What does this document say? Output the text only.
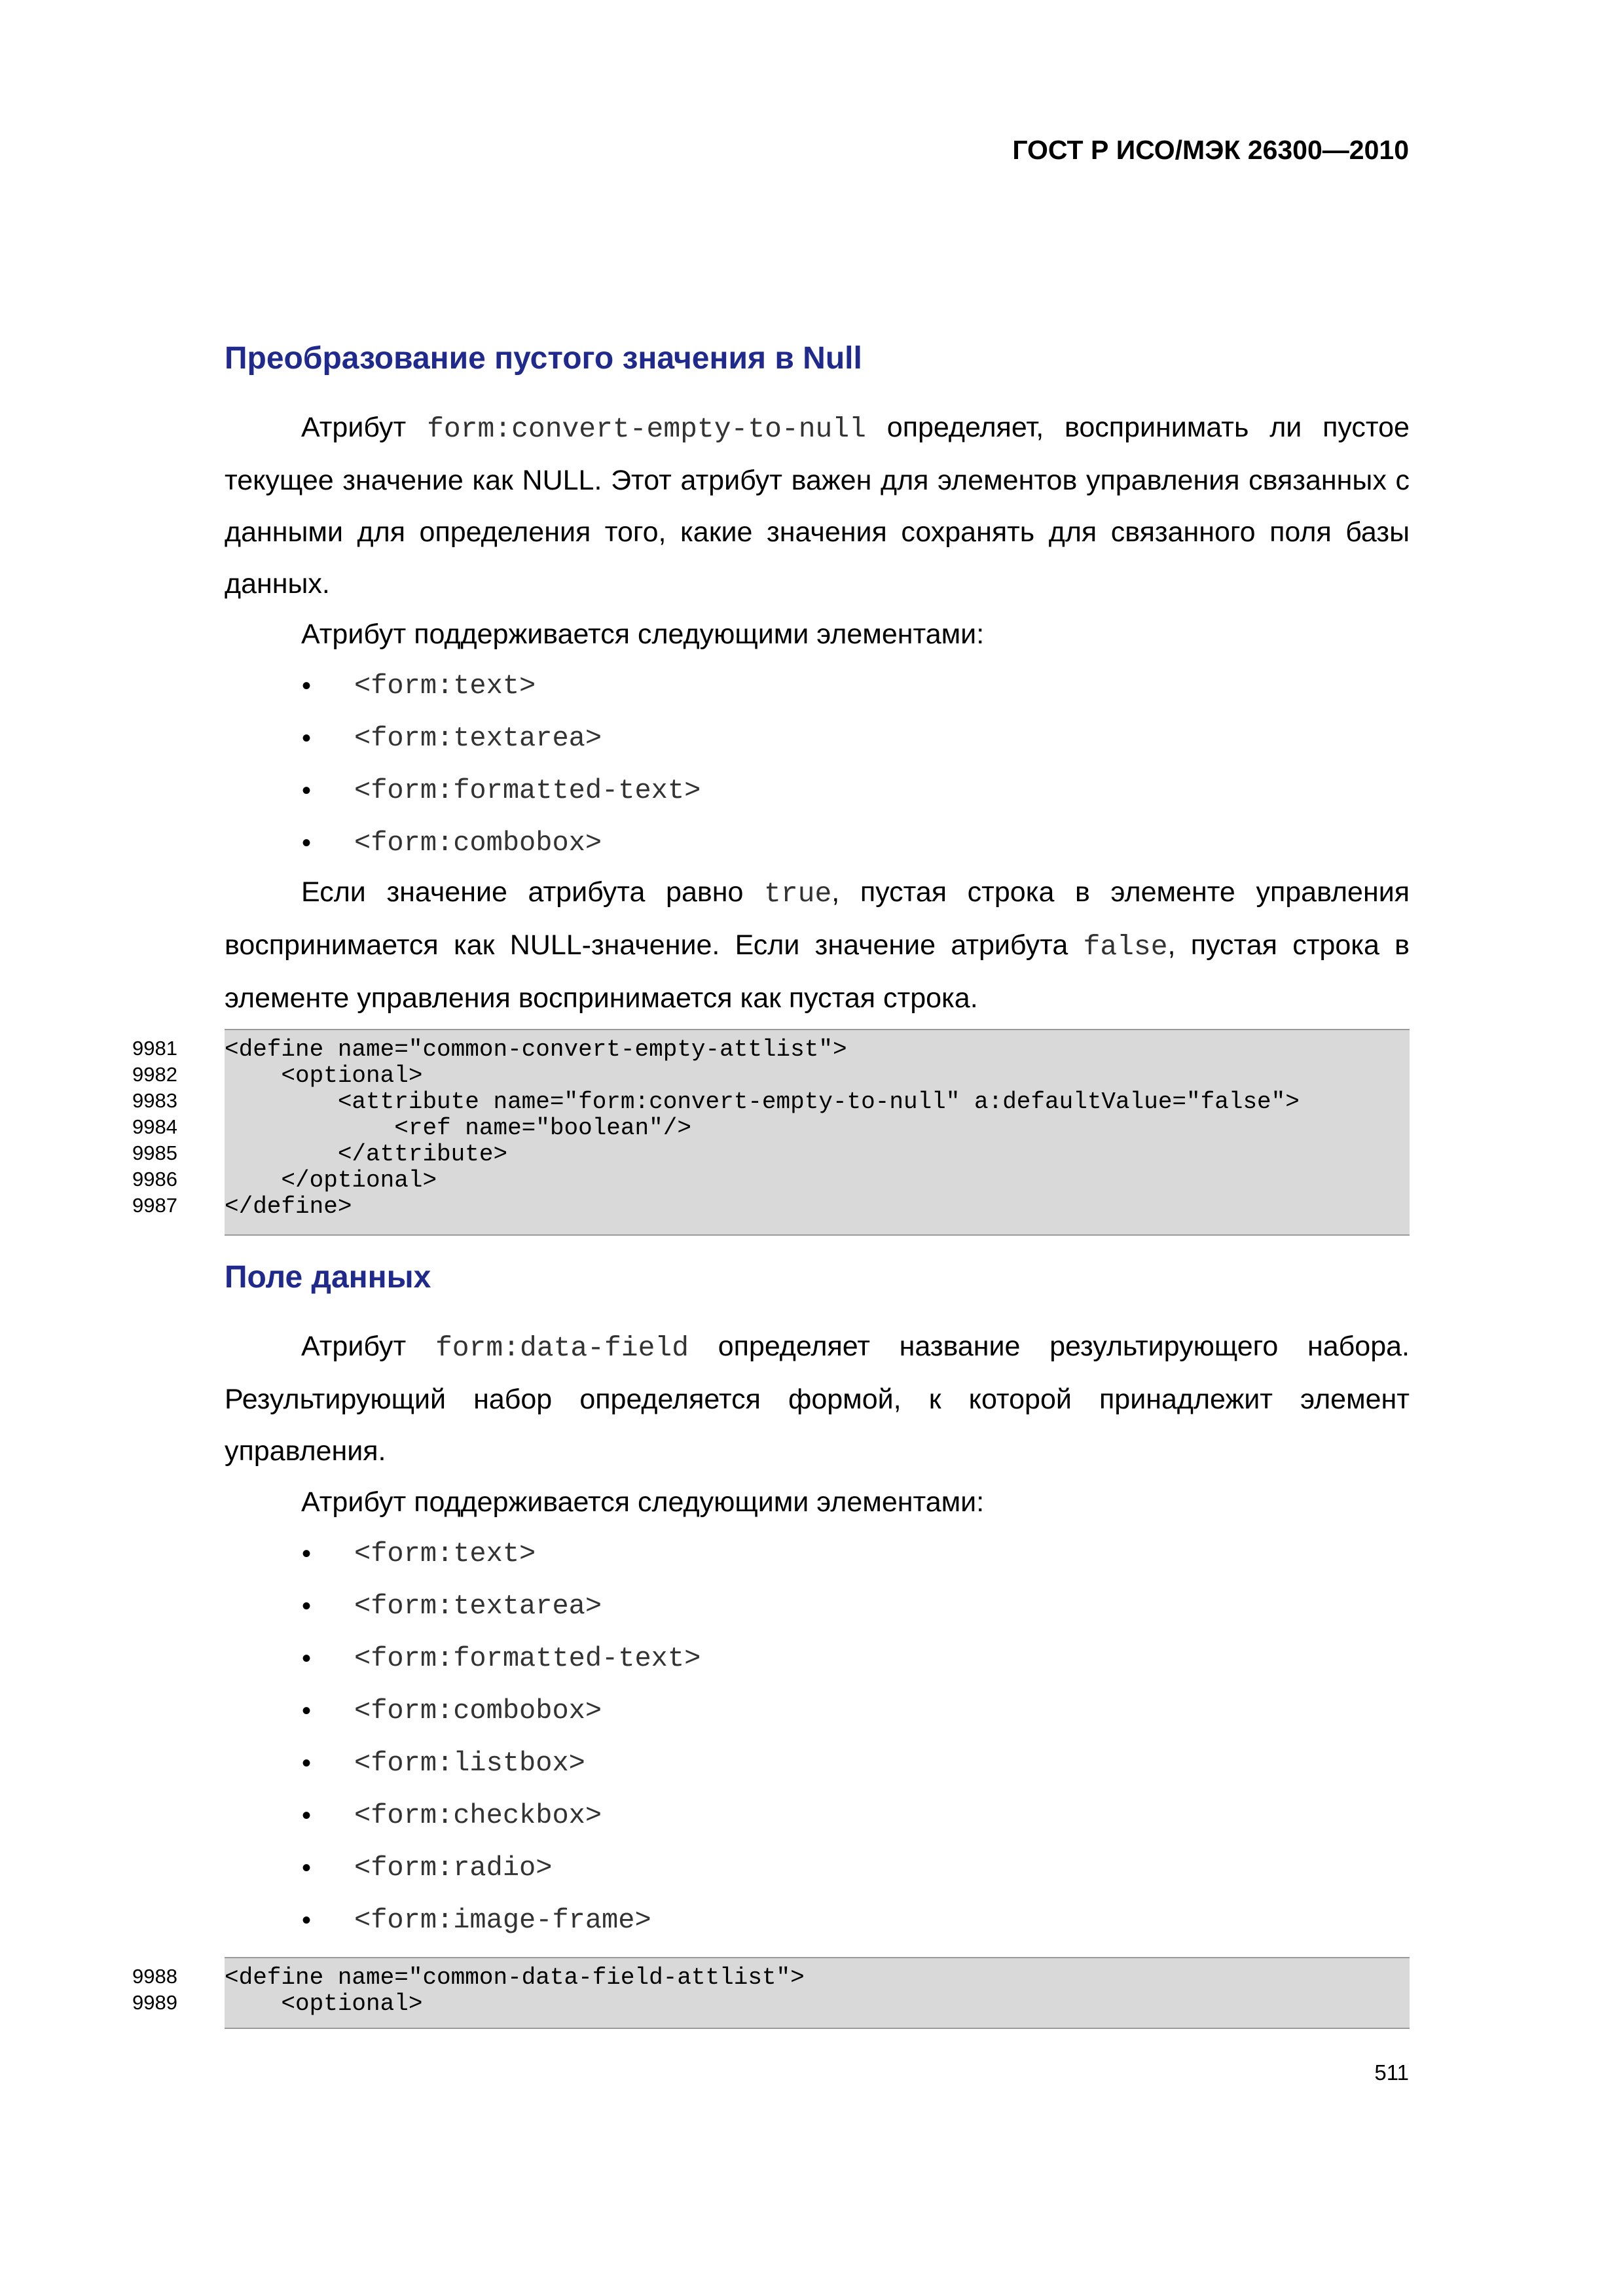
ГОСТ Р ИСО/МЭК 26300—2010
Преобразование пустого значения в Null
Атрибут form:convert-empty-to-null определяет, воспринимать ли пустое текущее значение как NULL. Этот атрибут важен для элементов управления связанных с данными для определения того, какие значения сохранять для связанного поля базы данных.
Атрибут поддерживается следующими элементами:
• <form:text>
• <form:textarea>
• <form:formatted-text>
• <form:combobox>
Если значение атрибута равно true, пустая строка в элементе управления воспринимается как NULL-значение. Если значение атрибута false, пустая строка в элементе управления воспринимается как пустая строка.
<define name="common-convert-empty-attlist">
<optional>
<attribute name="form:convert-empty-to-null" a:defaultValue="false">
<ref name="boolean"/>
</attribute>
</optional>
</define>
9981
9982
9983
9984
9985
9986
9987
Поле данных
Атрибут form:data-field определяет название результирующего набора. Результирующий набор определяется формой, к которой принадлежит элемент управления.
Атрибут поддерживается следующими элементами:
• <form:text>
• <form:textarea>
• <form:formatted-text>
• <form:combobox>
• <form:listbox>
• <form:checkbox>
• <form:radio>
• <form:image-frame>
<define name="common-data-field-attlist">
<optional>
9988
9989
511
